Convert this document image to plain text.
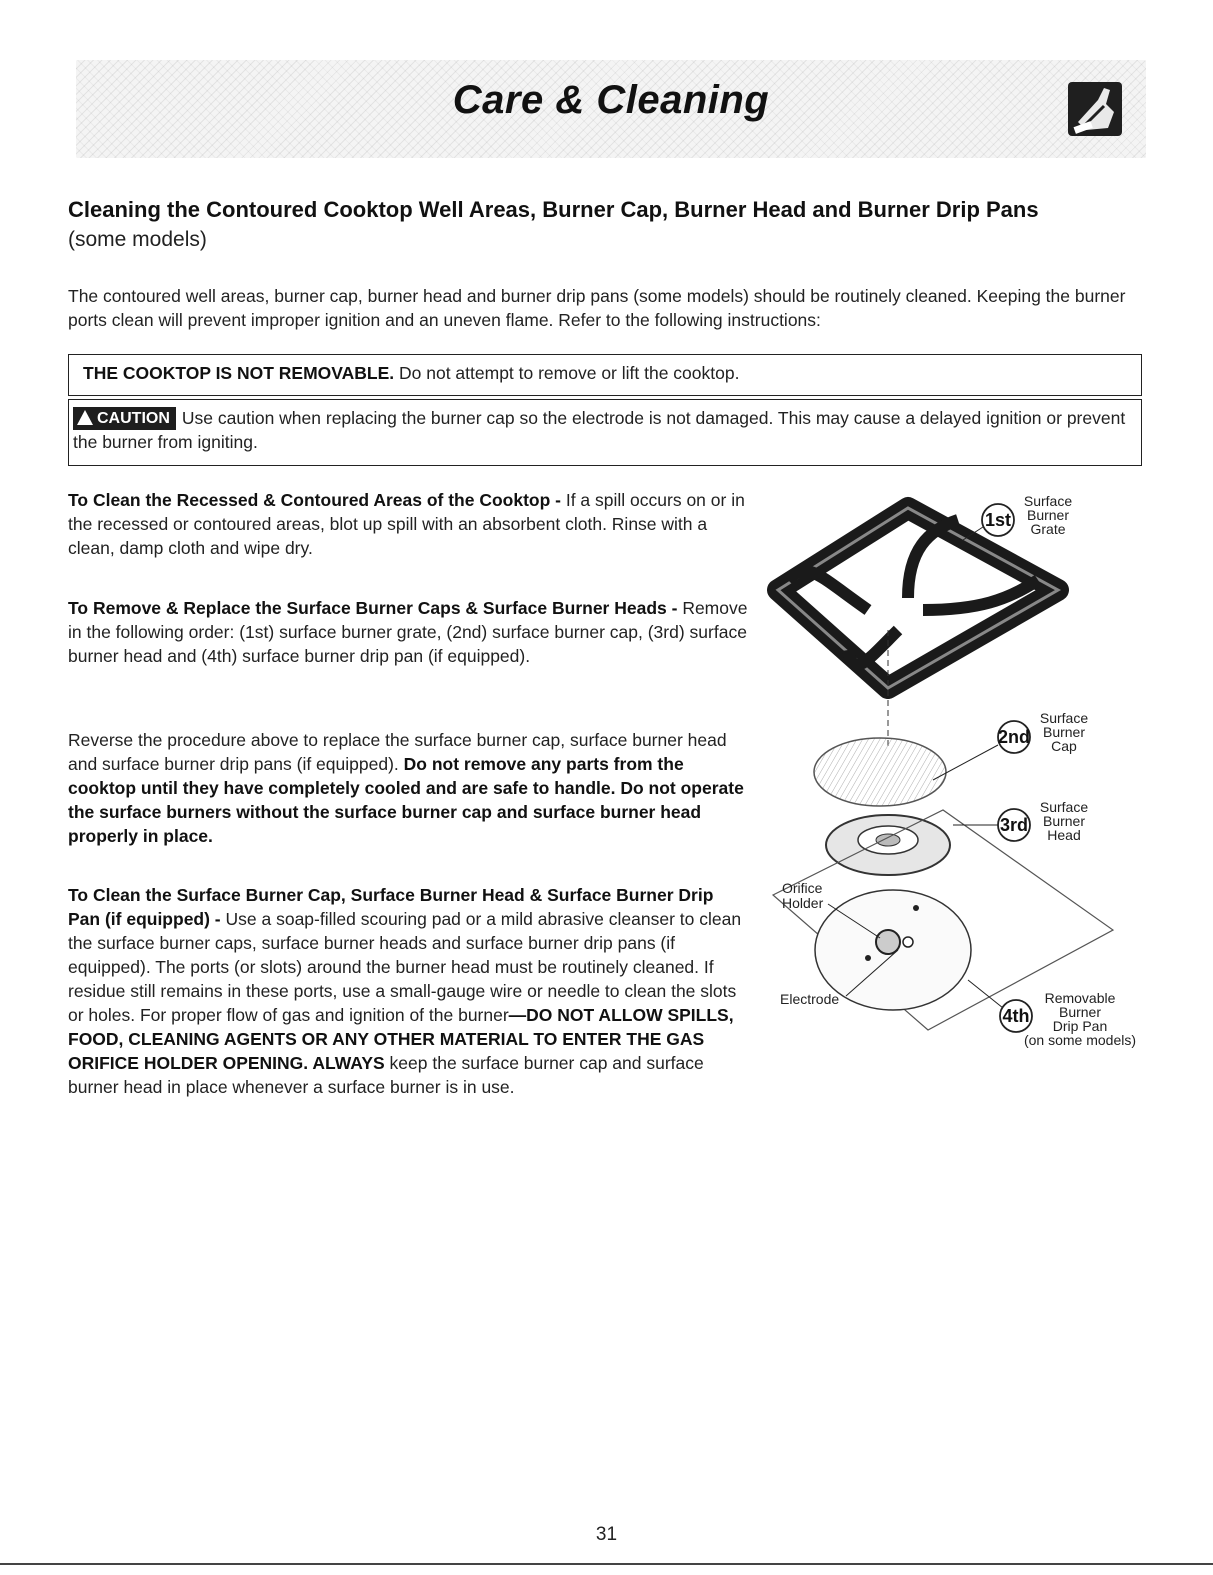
Care & Cleaning
Cleaning the Contoured Cooktop Well Areas, Burner Cap, Burner Head and Burner Drip Pans
(some models)
The contoured well areas, burner cap, burner head and burner drip pans (some models) should be routinely cleaned. Keeping the burner ports clean will prevent improper ignition and an uneven flame. Refer to the following instructions:
THE COOKTOP IS NOT REMOVABLE. Do not attempt to remove or lift the cooktop.
CAUTION Use caution when replacing the burner cap so the electrode is not damaged. This may cause a delayed ignition or prevent the burner from igniting.

To Clean the Recessed & Contoured Areas of the Cooktop - If a spill occurs on or in the recessed or contoured areas, blot up spill with an absorbent cloth. Rinse with a clean, damp cloth and wipe dry.

To Remove & Replace the Surface Burner Caps & Surface Burner Heads - Remove in the following order: (1st) surface burner grate, (2nd) surface burner cap, (3rd) surface burner head and (4th) surface burner drip pan (if equipped).

Reverse the procedure above to replace the surface burner cap, surface burner head and surface burner drip pans (if equipped). Do not remove any parts from the cooktop until they have completely cooled and are safe to handle. Do not operate the surface burners without the surface burner cap and surface burner head properly in place.

To Clean the Surface Burner Cap, Surface Burner Head & Surface Burner Drip Pan (if equipped) - Use a soap-filled scouring pad or a mild abrasive cleanser to clean the surface burner caps, surface burner heads and surface burner drip pans (if equipped). The ports (or slots) around the burner head must be routinely cleaned. If residue still remains in these ports, use a small-gauge wire or needle to clean the slots or holes. For proper flow of gas and ignition of the burner—DO NOT ALLOW SPILLS, FOOD, CLEANING AGENTS OR ANY OTHER MATERIAL TO ENTER THE GAS ORIFICE HOLDER OPENING. ALWAYS keep the surface burner cap and surface burner head in place whenever a surface burner is in use.

1st
Surface
Burner
Grate
2nd
Surface
Burner
Cap
3rd
Surface
Burner
Head
4th
Removable
Burner
Drip Pan
(on some models)
Orifice
Holder
Electrode
31
